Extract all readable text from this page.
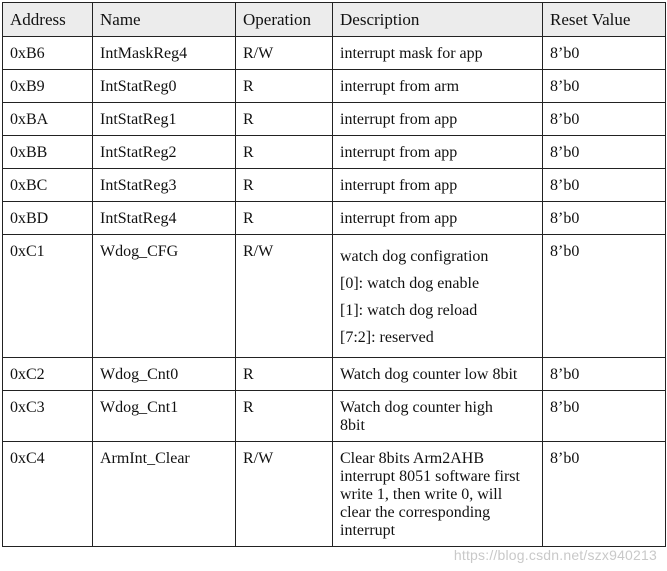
Address	Name	Operation	Description	Reset Value
0xB6	IntMaskReg4	R/W	interrupt mask for app	8’b0
0xB9	IntStatReg0	R	interrupt from arm	8’b0
0xBA	IntStatReg1	R	interrupt from app	8’b0
0xBB	IntStatReg2	R	interrupt from app	8’b0
0xBC	IntStatReg3	R	interrupt from app	8’b0
0xBD	IntStatReg4	R	interrupt from app	8’b0
0xC1	Wdog_CFG	R/W	watch dog configration
[0]: watch dog enable
[1]: watch dog reload
[7:2]: reserved	8’b0
0xC2	Wdog_Cnt0	R	Watch dog counter low 8bit	8’b0
0xC3	Wdog_Cnt1	R	Watch dog counter high
8bit	8’b0
0xC4	ArmInt_Clear	R/W	Clear 8bits Arm2AHB
interrupt 8051 software first
write 1, then write 0, will
clear the corresponding
interrupt	8’b0
https://blog.csdn.net/szx940213
